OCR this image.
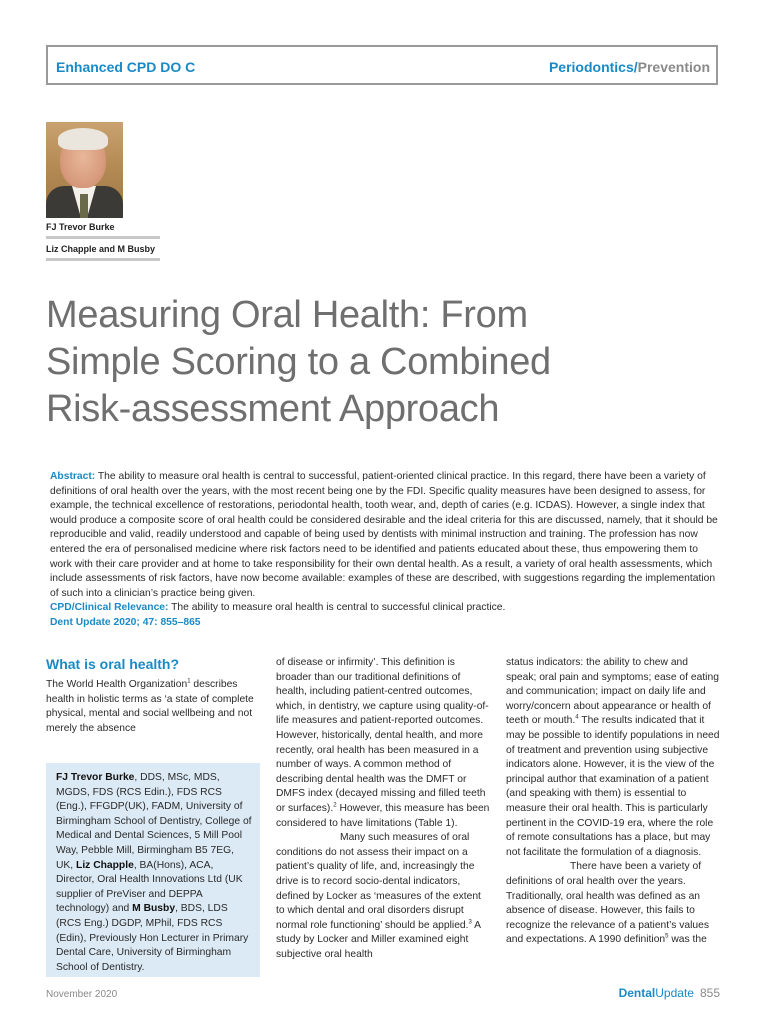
Enhanced CPD DO C	Periodontics/Prevention
FJ Trevor Burke
Liz Chapple and M Busby
Measuring Oral Health: From
Simple Scoring to a Combined
Risk-assessment Approach
Abstract: The ability to measure oral health is central to successful, patient-oriented clinical practice. In this regard, there have been a variety of definitions of oral health over the years, with the most recent being one by the FDI. Specific quality measures have been designed to assess, for example, the technical excellence of restorations, periodontal health, tooth wear, and, depth of caries (e.g. ICDAS). However, a single index that would produce a composite score of oral health could be considered desirable and the ideal criteria for this are discussed, namely, that it should be reproducible and valid, readily understood and capable of being used by dentists with minimal instruction and training. The profession has now entered the era of personalised medicine where risk factors need to be identified and patients educated about these, thus empowering them to work with their care provider and at home to take responsibility for their own dental health. As a result, a variety of oral health assessments, which include assessments of risk factors, have now become available: examples of these are described, with suggestions regarding the implementation of such into a clinician’s practice being given.
CPD/Clinical Relevance: The ability to measure oral health is central to successful clinical practice.
Dent Update 2020; 47: 855–865
What is oral health?
The World Health Organization$^1$ describes health in holistic terms as ‘a state of complete physical, mental and social wellbeing and not merely the absence
FJ Trevor Burke, DDS, MSc, MDS, MGDS, FDS (RCS Edin.), FDS RCS (Eng.), FFGDP(UK), FADM, University of Birmingham School of Dentistry, College of Medical and Dental Sciences, 5 Mill Pool Way, Pebble Mill, Birmingham B5 7EG, UK, Liz Chapple, BA(Hons), ACA, Director, Oral Health Innovations Ltd (UK supplier of PreViser and DEPPA technology) and M Busby, BDS, LDS (RCS Eng.) DGDP, MPhil, FDS RCS (Edin), Previously Hon Lecturer in Primary Dental Care, University of Birmingham School of Dentistry.
of disease or infirmity’. This definition is broader than our traditional definitions of health, including patient-centred outcomes, which, in dentistry, we capture using quality-of-life measures and patient-reported outcomes. However, historically, dental health, and more recently, oral health has been measured in a number of ways. A common method of describing dental health was the DMFT or DMFS index (decayed missing and filled teeth or surfaces).$^2$ However, this measure has been considered to have limitations (Table 1).
Many such measures of oral conditions do not assess their impact on a patient’s quality of life, and, increasingly the drive is to record socio-dental indicators, defined by Locker as ‘measures of the extent to which dental and oral disorders disrupt normal role functioning’ should be applied.$^3$ A study by Locker and Miller examined eight subjective oral health
status indicators: the ability to chew and speak; oral pain and symptoms; ease of eating and communication; impact on daily life and worry/concern about appearance or health of teeth or mouth.$^4$ The results indicated that it may be possible to identify populations in need of treatment and prevention using subjective indicators alone. However, it is the view of the principal author that examination of a patient (and speaking with them) is essential to measure their oral health. This is particularly pertinent in the COVID-19 era, where the role of remote consultations has a place, but may not facilitate the formulation of a diagnosis.
There have been a variety of definitions of oral health over the years. Traditionally, oral health was defined as an absence of disease. However, this fails to recognize the relevance of a patient’s values and expectations. A 1990 definition$^5$ was the
November 2020	DentalUpdate 855
